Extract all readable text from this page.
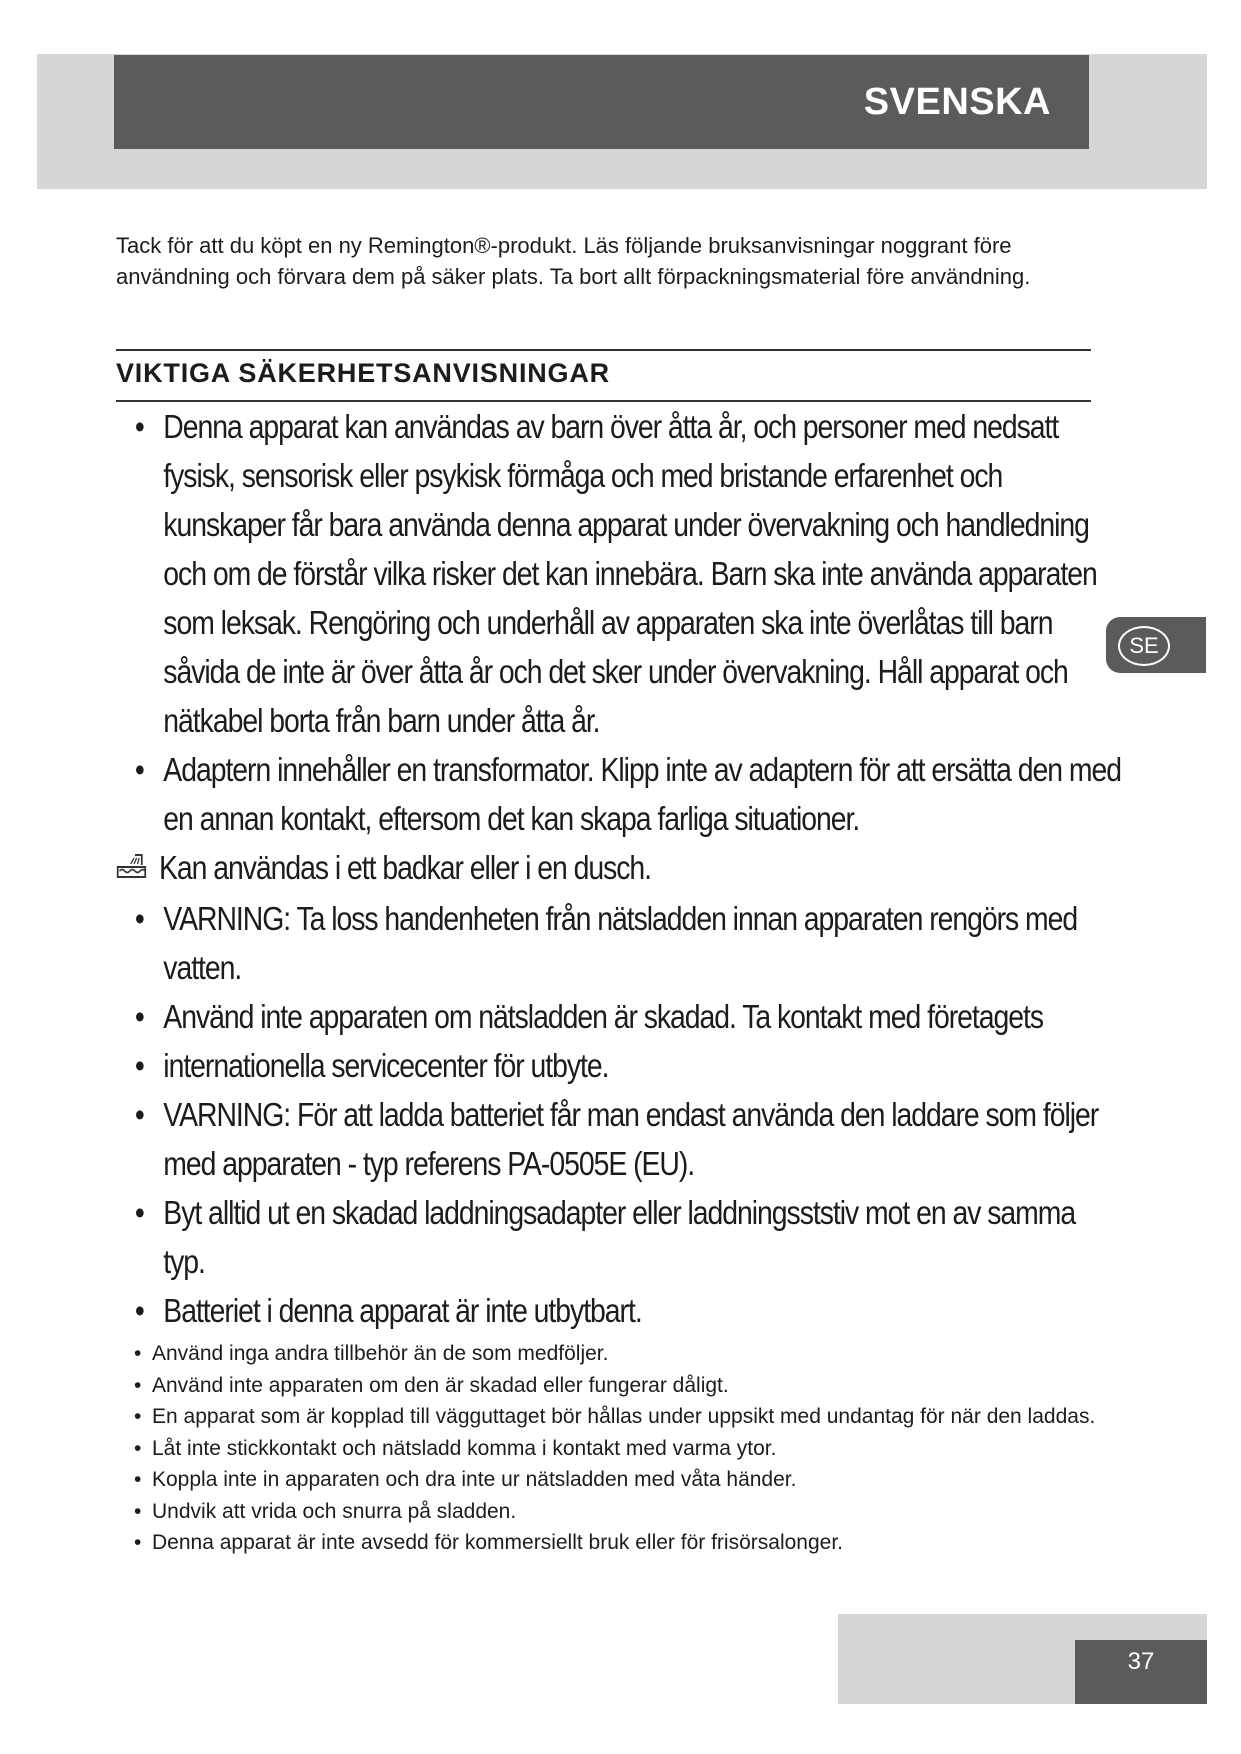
SVENSKA

Tack för att du köpt en ny Remington®-produkt. Läs följande bruksanvisningar noggrant före användning och förvara dem på säker plats. Ta bort allt förpackningsmaterial före användning.

VIKTIGA SÄKERHETSANVISNINGAR
• Denna apparat kan användas av barn över åtta år, och personer med nedsatt fysisk, sensorisk eller psykisk förmåga och med bristande erfarenhet och kunskaper får bara använda denna apparat under övervakning och handledning och om de förstår vilka risker det kan innebära. Barn ska inte använda apparaten som leksak. Rengöring och underhåll av apparaten ska inte överlåtas till barn såvida de inte är över åtta år och det sker under övervakning. Håll apparat och nätkabel borta från barn under åtta år.
• Adaptern innehåller en transformator. Klipp inte av adaptern för att ersätta den med en annan kontakt, eftersom det kan skapa farliga situationer.
Kan användas i ett badkar eller i en dusch.
• VARNING: Ta loss handenheten från nätsladden innan apparaten rengörs med vatten.
• Använd inte apparaten om nätsladden är skadad. Ta kontakt med företagets
• internationella servicecenter för utbyte.
• VARNING: För att ladda batteriet får man endast använda den laddare som följer med apparaten - typ referens PA-0505E (EU).
• Byt alltid ut en skadad laddningsadapter eller laddningsststiv mot en av samma typ.
• Batteriet i denna apparat är inte utbytbart.
• Använd inga andra tillbehör än de som medföljer.
• Använd inte apparaten om den är skadad eller fungerar dåligt.
• En apparat som är kopplad till vägguttaget bör hållas under uppsikt med undantag för när den laddas.
• Låt inte stickkontakt och nätsladd komma i kontakt med varma ytor.
• Koppla inte in apparaten och dra inte ur nätsladden med våta händer.
• Undvik att vrida och snurra på sladden.
• Denna apparat är inte avsedd för kommersiellt bruk eller för frisörsalonger.
SE
37
